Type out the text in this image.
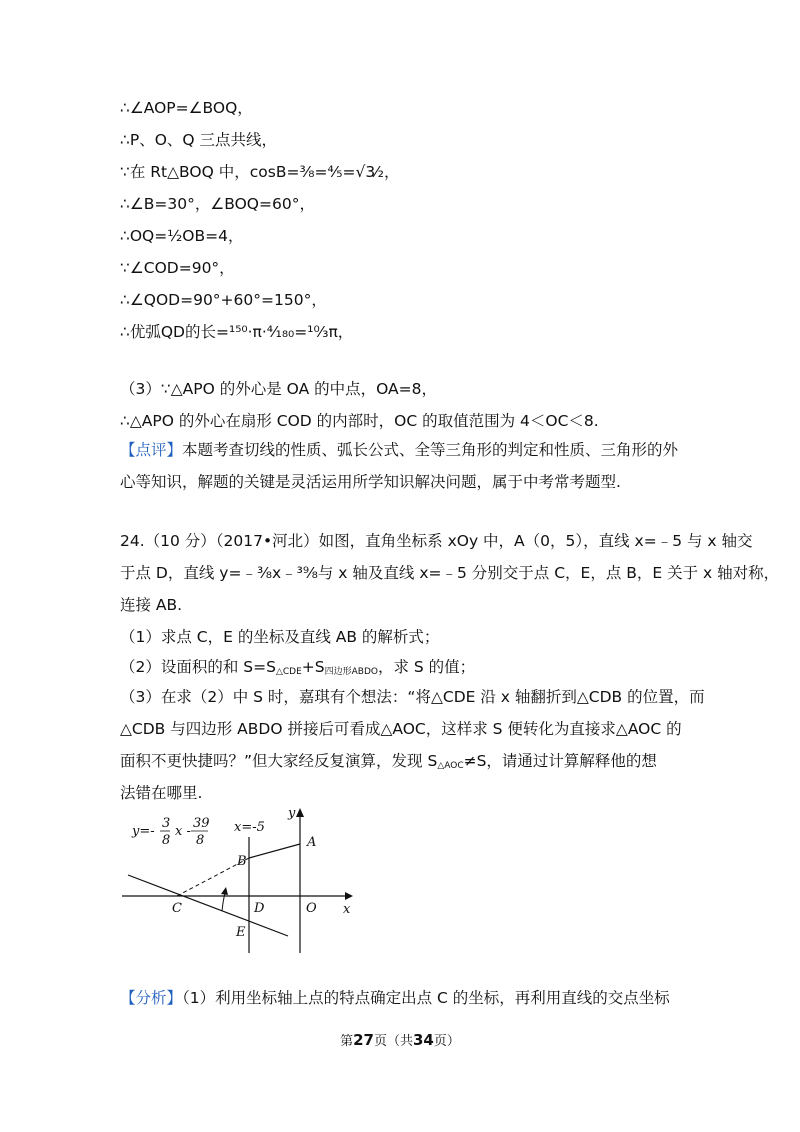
∴∠AOP=∠BOQ，
∴P、O、Q 三点共线，
∵在 Rt△BOQ 中，cosB=³⁄₈=⁴⁄₅=√3⁄₂，
∴∠B=30°，∠BOQ=60°，
∴OQ=½OB=4，
∵∠COD=90°，
∴∠QOD=90°+60°=150°，
∴优弧QD的长=¹⁵⁰·π·⁴⁄₁₈₀=¹⁰⁄₃π，
（3）∵△APO 的外心是 OA 的中点，OA=8，
∴△APO 的外心在扇形 COD 的内部时，OC 的取值范围为 4＜OC＜8.
【点评】本题考查切线的性质、弧长公式、全等三角形的判定和性质、三角形的外
心等知识，解题的关键是灵活运用所学知识解决问题，属于中考常考题型.
24.（10 分）（2017•河北）如图，直角坐标系 xOy 中，A（0，5），直线 x=﹣5 与 x 轴交
于点 D，直线 y=﹣³⁄₈x﹣³⁹⁄₈与 x 轴及直线 x=﹣5 分别交于点 C，E，点 B，E 关于 x 轴对称，
连接 AB.
（1）求点 C，E 的坐标及直线 AB 的解析式；
（2）设面积的和 $S=S_{\triangle CDE}+S_{四边形ABDO}$，求 S 的值；
（3）在求（2）中 S 时，嘉琪有个想法：“将△CDE 沿 x 轴翻折到△CDB 的位置，而
△CDB 与四边形 ABDO 拼接后可看成△AOC，这样求 S 便转化为直接求△AOC 的
面积不更快捷吗？”但大家经反复演算，发现 $S_{\triangle AOC}\ne S$，请通过计算解释他的想
法错在哪里.
y=-
3
8
x -
39
8
x=-5
y
x
A
B
C	D
E
O
【分析】（1）利用坐标轴上点的特点确定出点 C 的坐标，再利用直线的交点坐标
第27页（共34页）
